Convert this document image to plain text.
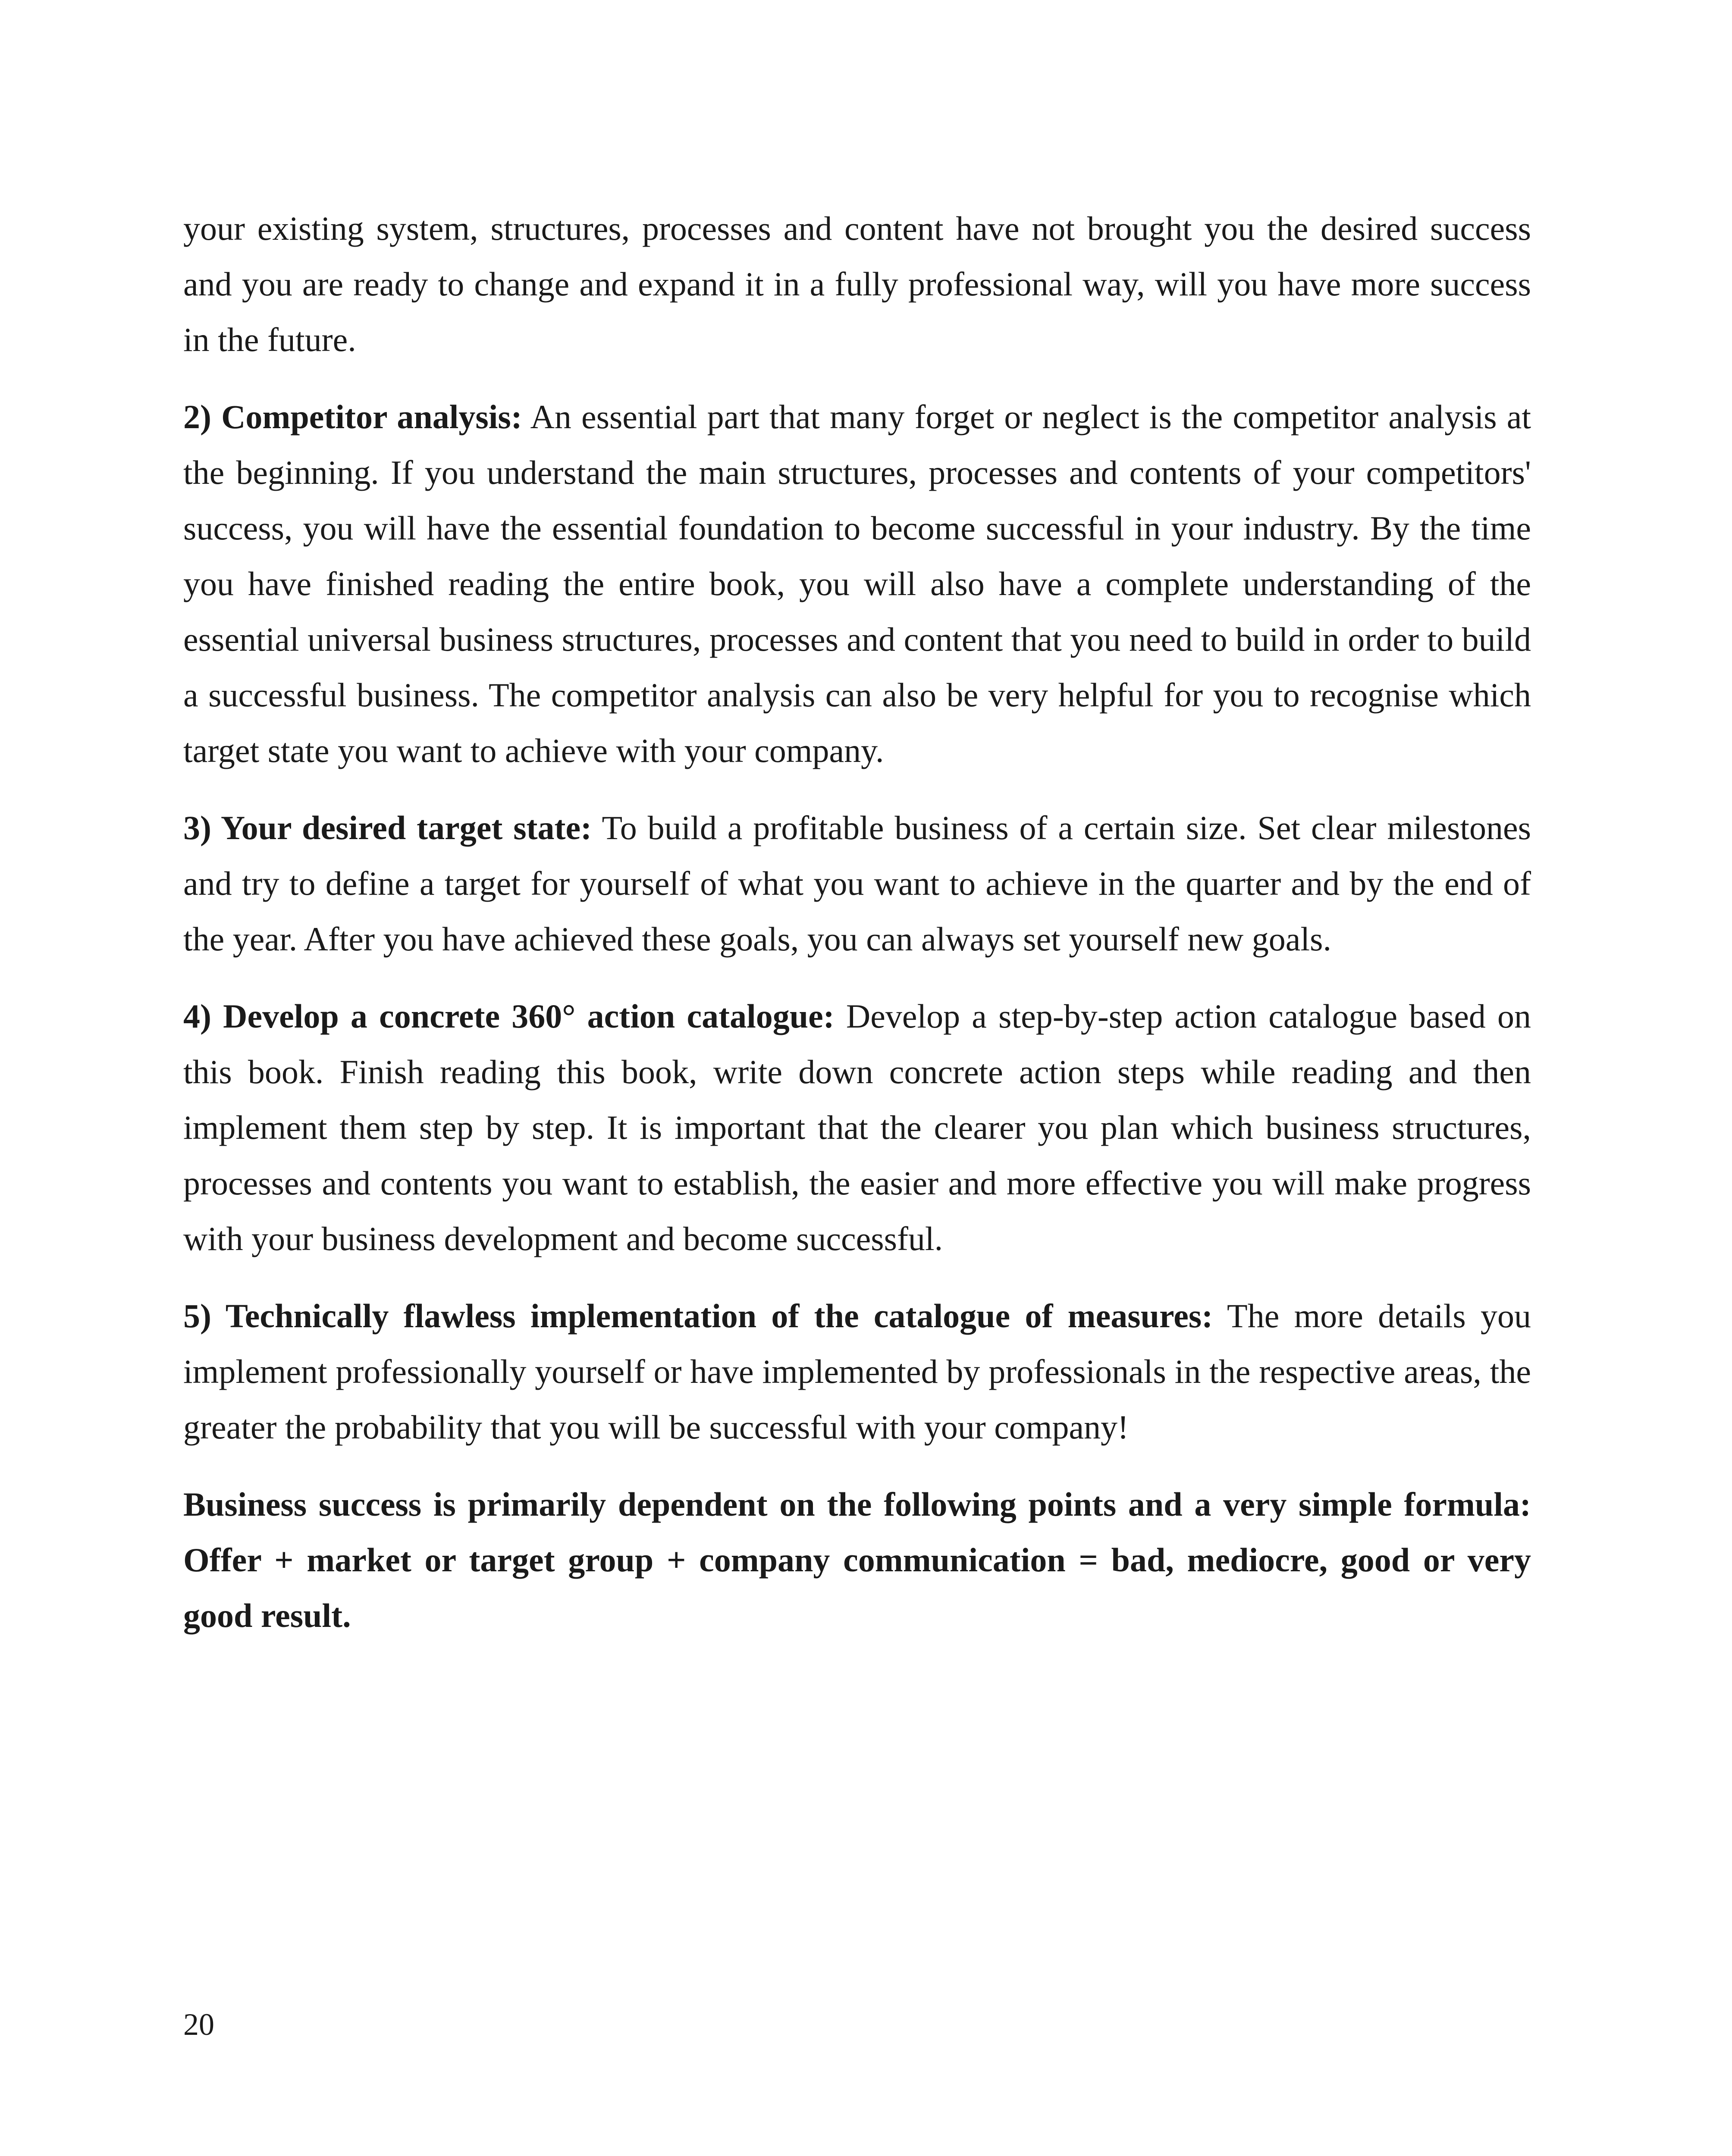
your existing system, structures, processes and content have not brought you the desired success and you are ready to change and expand it in a fully professional way, will you have more success in the future.

2) Competitor analysis: An essential part that many forget or neglect is the competitor analysis at the beginning. If you understand the main structures, processes and contents of your competitors' success, you will have the essential foundation to become successful in your industry. By the time you have finished reading the entire book, you will also have a complete understanding of the essential universal business structures, processes and content that you need to build in order to build a successful business. The competitor analysis can also be very helpful for you to recognise which target state you want to achieve with your company.

3) Your desired target state: To build a profitable business of a certain size. Set clear milestones and try to define a target for yourself of what you want to achieve in the quarter and by the end of the year. After you have achieved these goals, you can always set yourself new goals.

4) Develop a concrete 360° action catalogue: Develop a step-by-step action catalogue based on this book. Finish reading this book, write down concrete action steps while reading and then implement them step by step. It is important that the clearer you plan which business structures, processes and contents you want to establish, the easier and more effective you will make progress with your business development and become successful.

5) Technically flawless implementation of the catalogue of measures: The more details you implement professionally yourself or have implemented by professionals in the respective areas, the greater the probability that you will be successful with your company!

Business success is primarily dependent on the following points and a very simple formula: Offer + market or target group + company communication = bad, mediocre, good or very good result.

20
